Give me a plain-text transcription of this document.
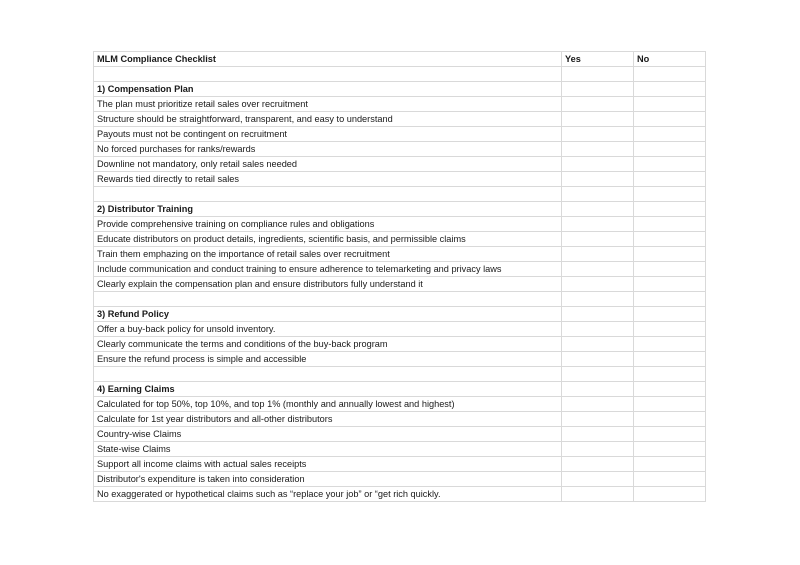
MLM Compliance Checklist	Yes	No

1) Compensation Plan		
The plan must prioritize retail sales over recruitment		
Structure should be straightforward, transparent, and easy to understand		
Payouts must not be contingent on recruitment		
No forced purchases for ranks/rewards		
Downline not mandatory, only retail sales needed		
Rewards tied directly to retail sales		

2) Distributor Training		
Provide comprehensive training on compliance rules and obligations		
Educate distributors on product details, ingredients, scientific basis, and permissible claims		
Train them emphazing on the importance of retail sales over recruitment		
Include communication and conduct training to ensure adherence to telemarketing and privacy laws		
Clearly explain the compensation plan and ensure distributors fully understand it		

3) Refund Policy		
Offer a buy-back policy for unsold inventory.		
Clearly communicate the terms and conditions of the buy-back program		
Ensure the refund process is simple and accessible		

4) Earning Claims		
Calculated for top 50%, top 10%, and top 1% (monthly and annually lowest and highest)		
Calculate for 1st year distributors and all-other distributors		
Country-wise Claims		
State-wise Claims		
Support all income claims with actual sales receipts		
Distributor's expenditure is taken into consideration		
No exaggerated or hypothetical claims such as “replace your job” or “get rich quickly.		
